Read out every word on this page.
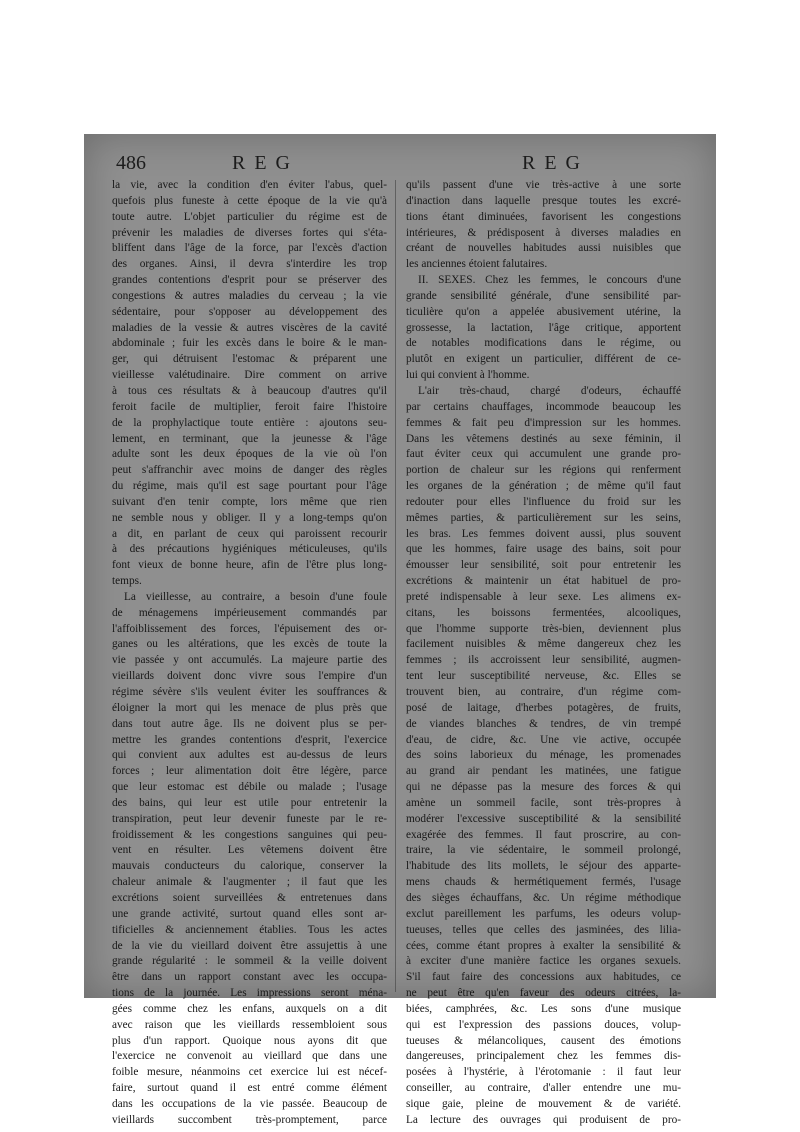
486	REG	REG
la vie, avec la condition d'en éviter l'abus, quel-
quefois plus funeste à cette époque de la vie qu'à
toute autre. L'objet particulier du régime est de
prévenir les maladies de diverses fortes qui s'éta-
bliffent dans l'âge de la force, par l'excès d'action
des organes. Ainsi, il devra s'interdire les trop
grandes contentions d'esprit pour se préserver des
congestions & autres maladies du cerveau ; la vie
sédentaire, pour s'opposer au développement des
maladies de la vessie & autres viscères de la cavité
abdominale ; fuir les excès dans le boire & le man-
ger, qui détruisent l'estomac & préparent une
vieillesse valétudinaire. Dire comment on arrive
à tous ces résultats & à beaucoup d'autres qu'il
feroit facile de multiplier, feroit faire l'histoire
de la prophylactique toute entière : ajoutons seu-
lement, en terminant, que la jeunesse & l'âge
adulte sont les deux époques de la vie où l'on
peut s'affranchir avec moins de danger des règles
du régime, mais qu'il est sage pourtant pour l'âge
suivant d'en tenir compte, lors même que rien
ne semble nous y obliger. Il y a long-temps qu'on
a dit, en parlant de ceux qui paroissent recourir
à des précautions hygiéniques méticuleuses, qu'ils
font vieux de bonne heure, afin de l'être plus long-
temps.
La vieillesse, au contraire, a besoin d'une foule
de ménagemens impérieusement commandés par
l'affoiblissement des forces, l'épuisement des or-
ganes ou les altérations, que les excès de toute la
vie passée y ont accumulés. La majeure partie des
vieillards doivent donc vivre sous l'empire d'un
régime sévère s'ils veulent éviter les souffrances &
éloigner la mort qui les menace de plus près que
dans tout autre âge. Ils ne doivent plus se per-
mettre les grandes contentions d'esprit, l'exercice
qui convient aux adultes est au-dessus de leurs
forces ; leur alimentation doit être légère, parce
que leur estomac est débile ou malade ; l'usage
des bains, qui leur est utile pour entretenir la
transpiration, peut leur devenir funeste par le re-
froidissement & les congestions sanguines qui peu-
vent en résulter. Les vêtemens doivent être
mauvais conducteurs du calorique, conserver la
chaleur animale & l'augmenter ; il faut que les
excrétions soient surveillées & entretenues dans
une grande activité, surtout quand elles sont ar-
tificielles & anciennement établies. Tous les actes
de la vie du vieillard doivent être assujettis à une
grande régularité : le sommeil & la veille doivent
être dans un rapport constant avec les occupa-
tions de la journée. Les impressions seront ména-
gées comme chez les enfans, auxquels on a dit
avec raison que les vieillards ressembloient sous
plus d'un rapport. Quoique nous ayons dit que
l'exercice ne convenoit au vieillard que dans une
foible mesure, néanmoins cet exercice lui est nécef-
faire, surtout quand il est entré comme élément
dans les occupations de la vie passée. Beaucoup de
vieillards succombent très-promptement, parce
qu'ils passent d'une vie très-active à une sorte
d'inaction dans laquelle presque toutes les excré-
tions étant diminuées, favorisent les congestions
intérieures, & prédisposent à diverses maladies en
créant de nouvelles habitudes aussi nuisibles que
les anciennes étoient falutaires.
II. SEXES. Chez les femmes, le concours d'une
grande sensibilité générale, d'une sensibilité par-
ticulière qu'on a appelée abusivement utérine, la
grossesse, la lactation, l'âge critique, apportent
de notables modifications dans le régime, ou
plutôt en exigent un particulier, différent de ce-
lui qui convient à l'homme.
L'air très-chaud, chargé d'odeurs, échauffé
par certains chauffages, incommode beaucoup les
femmes & fait peu d'impression sur les hommes.
Dans les vêtemens destinés au sexe féminin, il
faut éviter ceux qui accumulent une grande pro-
portion de chaleur sur les régions qui renferment
les organes de la génération ; de même qu'il faut
redouter pour elles l'influence du froid sur les
mêmes parties, & particulièrement sur les seins,
les bras. Les femmes doivent aussi, plus souvent
que les hommes, faire usage des bains, soit pour
émousser leur sensibilité, soit pour entretenir les
excrétions & maintenir un état habituel de pro-
preté indispensable à leur sexe. Les alimens ex-
citans, les boissons fermentées, alcooliques,
que l'homme supporte très-bien, deviennent plus
facilement nuisibles & même dangereux chez les
femmes ; ils accroissent leur sensibilité, augmen-
tent leur susceptibilité nerveuse, &c. Elles se
trouvent bien, au contraire, d'un régime com-
posé de laitage, d'herbes potagères, de fruits,
de viandes blanches & tendres, de vin trempé
d'eau, de cidre, &c. Une vie active, occupée
des soins laborieux du ménage, les promenades
au grand air pendant les matinées, une fatigue
qui ne dépasse pas la mesure des forces & qui
amène un sommeil facile, sont très-propres à
modérer l'excessive susceptibilité & la sensibilité
exagérée des femmes. Il faut proscrire, au con-
traire, la vie sédentaire, le sommeil prolongé,
l'habitude des lits mollets, le séjour des apparte-
mens chauds & hermétiquement fermés, l'usage
des sièges échauffans, &c. Un régime méthodique
exclut pareillement les parfums, les odeurs volup-
tueuses, telles que celles des jasminées, des lilia-
cées, comme étant propres à exalter la sensibilité &
à exciter d'une manière factice les organes sexuels.
S'il faut faire des concessions aux habitudes, ce
ne peut être qu'en faveur des odeurs citrées, la-
biées, camphrées, &c. Les sons d'une musique
qui est l'expression des passions douces, volup-
tueuses & mélancoliques, causent des émotions
dangereuses, principalement chez les femmes dis-
posées à l'hystérie, à l'érotomanie : il faut leur
conseiller, au contraire, d'aller entendre une mu-
sique gaie, pleine de mouvement & de variété.
La lecture des ouvrages qui produisent de pro-
